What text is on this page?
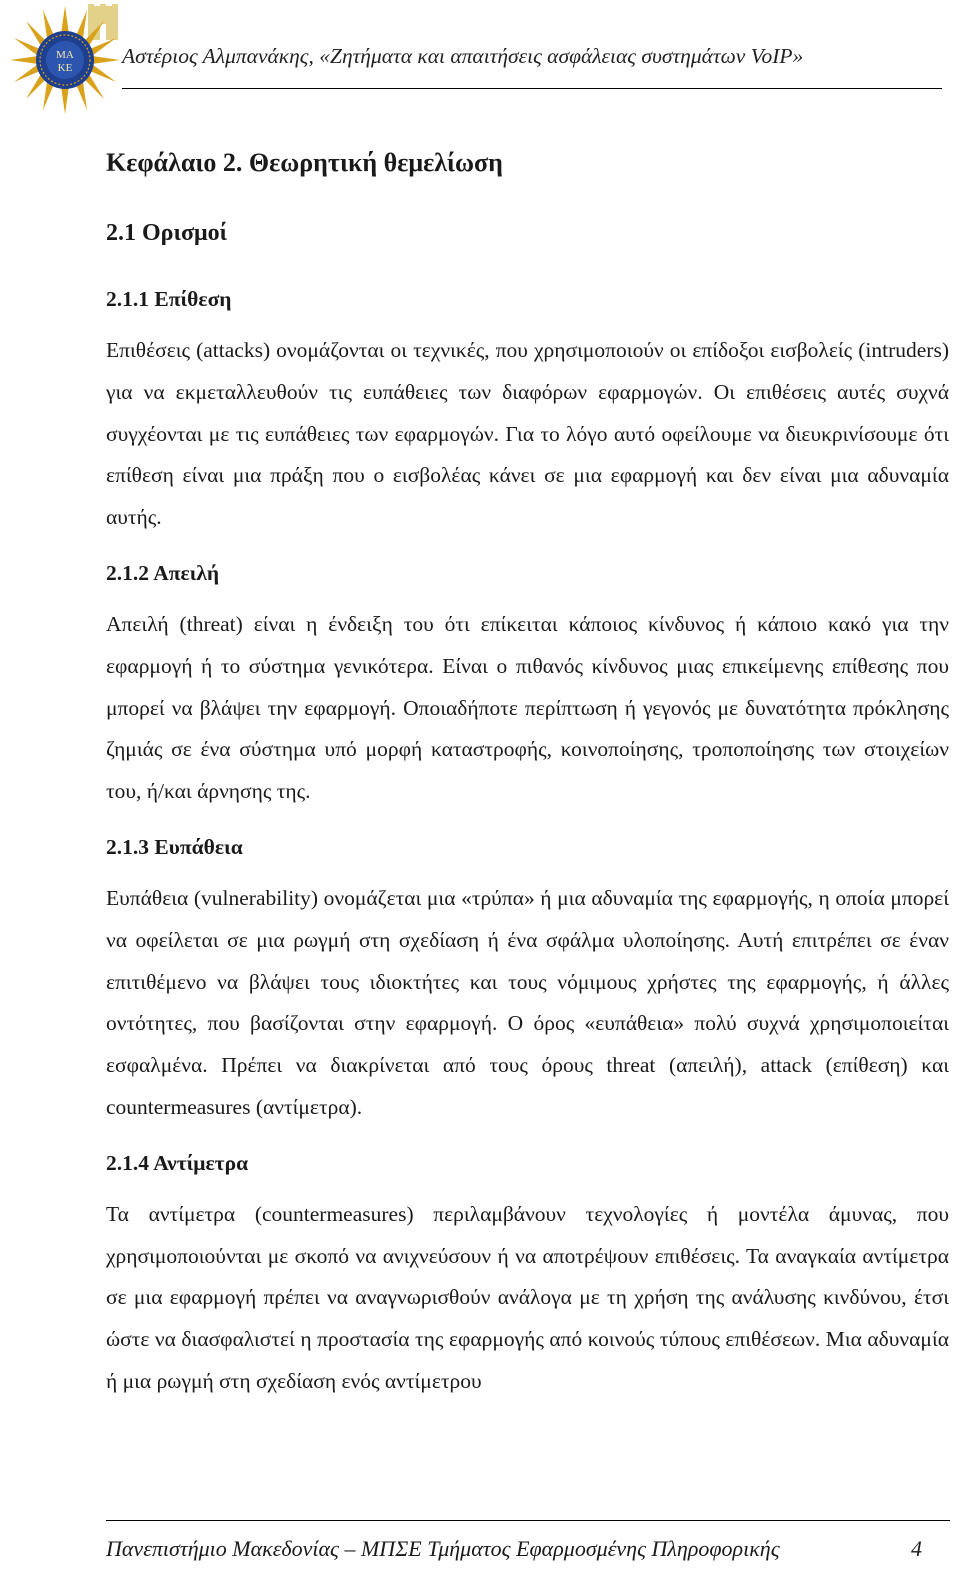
ΜΑ
ΚΕ Αστέριος Αλμπανάκης, «Ζητήματα και απαιτήσεις ασφάλειας συστημάτων VoIP»
Κεφάλαιο 2. Θεωρητική θεμελίωση
2.1 Ορισμοί
2.1.1 Επίθεση

Επιθέσεις (attacks) ονομάζονται οι τεχνικές, που χρησιμοποιούν οι επίδοξοι εισβολείς (intruders) για να εκμεταλλευθούν τις ευπάθειες των διαφόρων εφαρμογών. Οι επιθέσεις αυτές συχνά συγχέονται με τις ευπάθειες των εφαρμογών. Για το λόγο αυτό οφείλουμε να διευκρινίσουμε ότι επίθεση είναι μια πράξη που ο εισβολέας κάνει σε μια εφαρμογή και δεν είναι μια αδυναμία αυτής.

2.1.2 Απειλή

Απειλή (threat) είναι η ένδειξη του ότι επίκειται κάποιος κίνδυνος ή κάποιο κακό για την εφαρμογή ή το σύστημα γενικότερα. Είναι ο πιθανός κίνδυνος μιας επικείμενης επίθεσης που μπορεί να βλάψει την εφαρμογή. Οποιαδήποτε περίπτωση ή γεγονός με δυνατότητα πρόκλησης ζημιάς σε ένα σύστημα υπό μορφή καταστροφής, κοινοποίησης, τροποποίησης των στοιχείων του, ή/και άρνησης της.

2.1.3 Ευπάθεια

Ευπάθεια (vulnerability) ονομάζεται μια «τρύπα» ή μια αδυναμία της εφαρμογής, η οποία μπορεί να οφείλεται σε μια ρωγμή στη σχεδίαση ή ένα σφάλμα υλοποίησης. Αυτή επιτρέπει σε έναν επιτιθέμενο να βλάψει τους ιδιοκτήτες και τους νόμιμους χρήστες της εφαρμογής, ή άλλες οντότητες, που βασίζονται στην εφαρμογή. Ο όρος «ευπάθεια» πολύ συχνά χρησιμοποιείται εσφαλμένα. Πρέπει να διακρίνεται από τους όρους threat (απειλή), attack (επίθεση) και countermeasures (αντίμετρα).

2.1.4 Αντίμετρα

Τα αντίμετρα (countermeasures) περιλαμβάνουν τεχνολογίες ή μοντέλα άμυνας, που χρησιμοποιούνται με σκοπό να ανιχνεύσουν ή να αποτρέψουν επιθέσεις. Τα αναγκαία αντίμετρα σε μια εφαρμογή πρέπει να αναγνωρισθούν ανάλογα με τη χρήση της ανάλυσης κινδύνου, έτσι ώστε να διασφαλιστεί η προστασία της εφαρμογής από κοινούς τύπους επιθέσεων. Μια αδυναμία ή μια ρωγμή στη σχεδίαση ενός αντίμετρου

Πανεπιστήμιο Μακεδονίας – ΜΠΣΕ Τμήματος Εφαρμοσμένης Πληροφορικής	4
